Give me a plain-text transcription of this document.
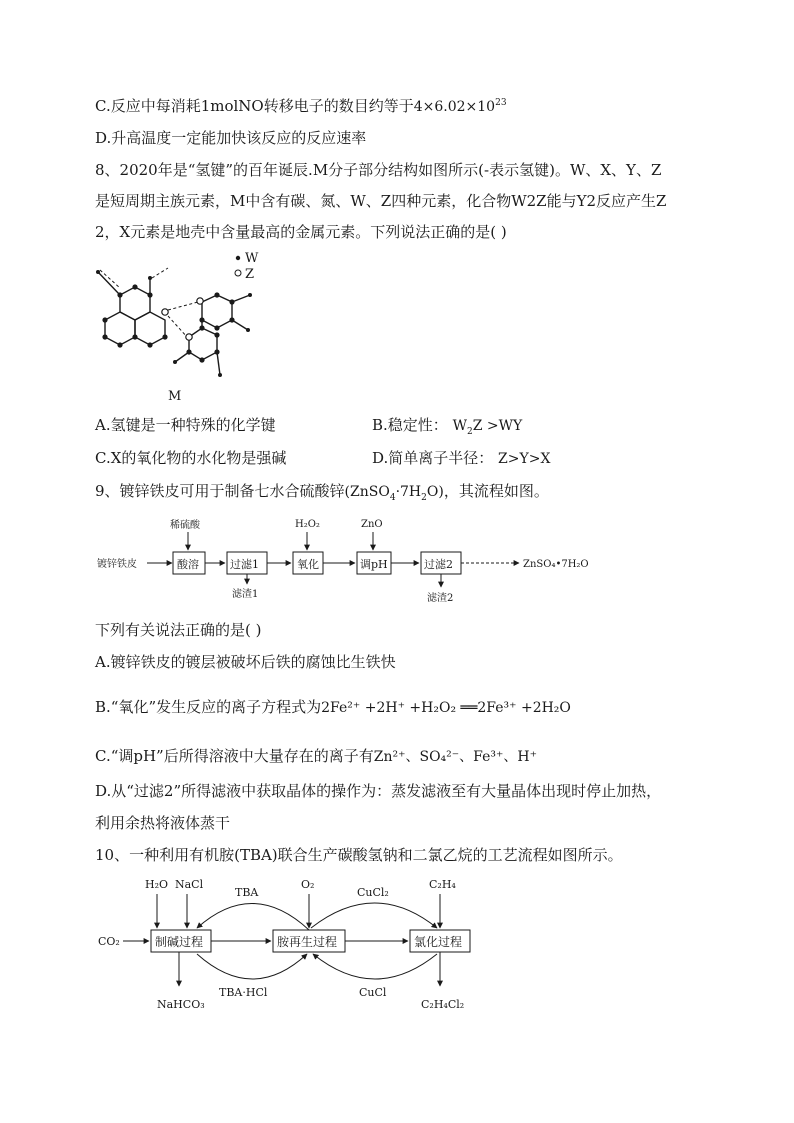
C.反应中每消耗1molNO转移电子的数目约等于$4\times 6.02\times 10^{23}$
D.升高温度一定能加快该反应的反应速率
8、2020年是“氢键”的百年诞辰.M分子部分结构如图所示(-表示氢键)。W、X、Y、Z
是短周期主族元素，M中含有碳、氮、W、Z四种元素，化合物W2Z能与Y2反应产生Z
2，X元素是地壳中含量最高的金属元素。下列说法正确的是( )
W
Z
M
A.氢键是一种特殊的化学键	B.稳定性： $W_2Z >WY$
C.X的氧化物的水化物是强碱	D.简单离子半径： Z>Y>X
9、镀锌铁皮可用于制备七水合硫酸锌$(ZnSO_4\cdot 7H_2O)$，其流程如图。
镀锌铁皮
稀硫酸
酸溶	过滤1
滤渣1
H₂O₂
氧化
ZnO
调pH	过滤2
滤渣2
ZnSO₄•7H₂O
下列有关说法正确的是( )
A.镀锌铁皮的镀层被破坏后铁的腐蚀比生铁快
B.“氧化”发生反应的离子方程式为2Fe²⁺ +2H⁺ +H₂O₂ ══2Fe³⁺ +2H₂O
C.“调pH”后所得溶液中大量存在的离子有Zn²⁺、SO₄²⁻、Fe³⁺、H⁺
D.从“过滤2”所得滤液中获取晶体的操作为：蒸发滤液至有大量晶体出现时停止加热，
利用余热将液体蒸干
10、一种利用有机胺(TBA)联合生产碳酸氢钠和二氯乙烷的工艺流程如图所示。
H₂O NaCl
CO₂	制碱过程	胺再生过程	氯化过程
TBA
TBA·HCl
CuCl₂
CuCl
O₂	C₂H₄
NaHCO₃	C₂H₄Cl₂
